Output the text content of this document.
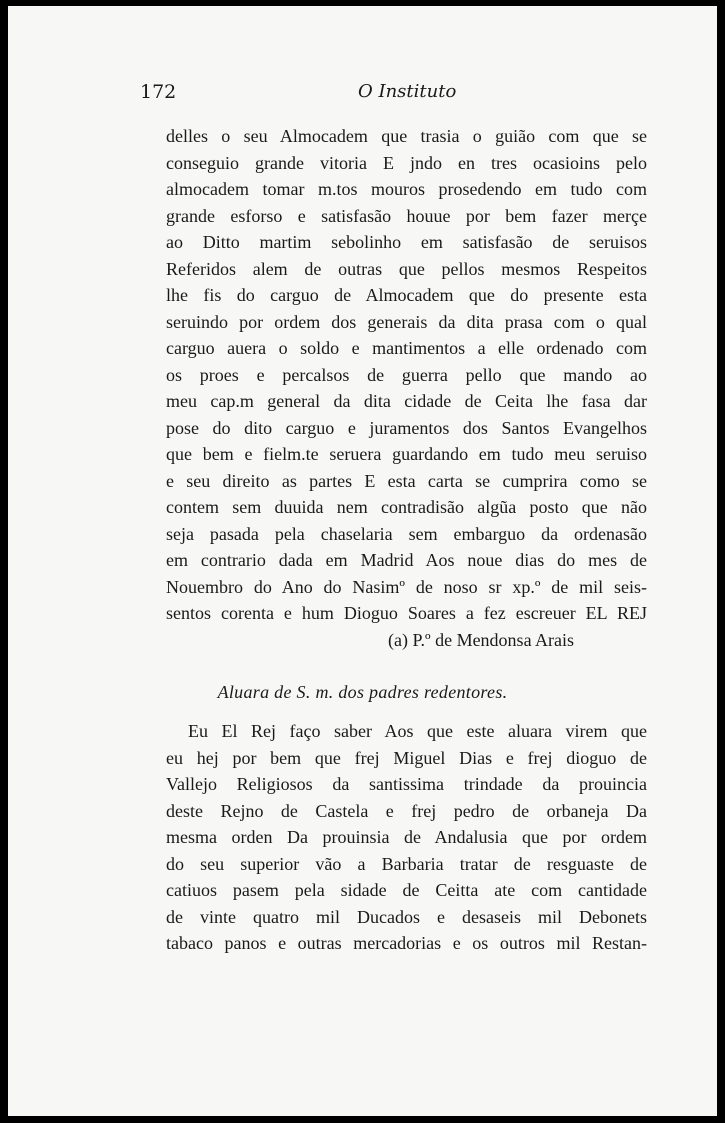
172	O Instituto
delles o seu Almocadem que trasia o guião com que se
conseguio grande vitoria E jndo en tres ocasioins pelo
almocadem tomar m.tos mouros prosedendo em tudo com
grande esforso e satisfasão houue por bem fazer merçe
ao Ditto martim sebolinho em satisfasão de seruisos
Referidos alem de outras que pellos mesmos Respeitos
lhe fis do carguo de Almocadem que do presente esta
seruindo por ordem dos generais da dita prasa com o qual
carguo auera o soldo e mantimentos a elle ordenado com
os proes e percalsos de guerra pello que mando ao
meu cap.m general da dita cidade de Ceita lhe fasa dar
pose do dito carguo e juramentos dos Santos Evangelhos
que bem e fielm.te seruera guardando em tudo meu seruiso
e seu direito as partes E esta carta se cumprira como se
contem sem duuida nem contradisão algũa posto que não
seja pasada pela chaselaria sem embarguo da ordenasão
em contrario dada em Madrid Aos noue dias do mes de
Nouembro do Ano do Nasimº de noso sr xp.º de mil seis-
sentos corenta e hum Dioguo Soares a fez escreuer EL REJ
(a) P.º de Mendonsa Arais
Aluara de S. m. dos padres redentores.
Eu El Rej faço saber Aos que este aluara virem que
eu hej por bem que frej Miguel Dias e frej dioguo de
Vallejo Religiosos da santissima trindade da prouincia
deste Rejno de Castela e frej pedro de orbaneja Da
mesma orden Da prouinsia de Andalusia que por ordem
do seu superior vão a Barbaria tratar de resguaste de
catiuos pasem pela sidade de Ceitta ate com cantidade
de vinte quatro mil Ducados e desaseis mil Debonets
tabaco panos e outras mercadorias e os outros mil Restan-
